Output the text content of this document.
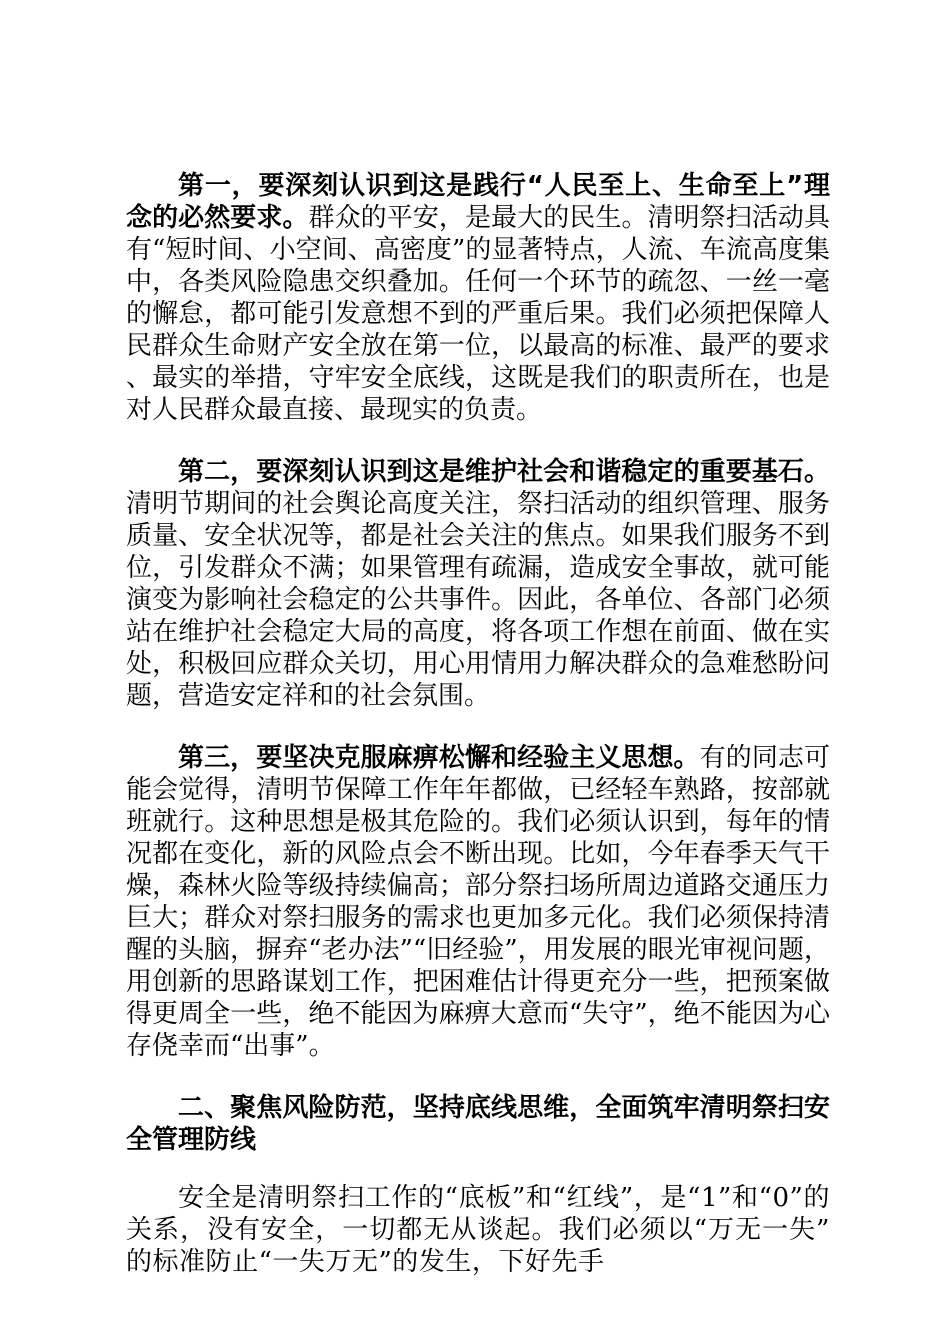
第一，要深刻认识到这是践行“人民至上、生命至上”理念的必然要求。群众的平安，是最大的民生。清明祭扫活动具有“短时间、小空间、高密度”的显著特点，人流、车流高度集中，各类风险隐患交织叠加。任何一个环节的疏忽、一丝一毫的懈怠，都可能引发意想不到的严重后果。我们必须把保障人民群众生命财产安全放在第一位，以最高的标准、最严的要求、最实的举措，守牢安全底线，这既是我们的职责所在，也是对人民群众最直接、最现实的负责。

第二，要深刻认识到这是维护社会和谐稳定的重要基石。清明节期间的社会舆论高度关注，祭扫活动的组织管理、服务质量、安全状况等，都是社会关注的焦点。如果我们服务不到位，引发群众不满；如果管理有疏漏，造成安全事故，就可能演变为影响社会稳定的公共事件。因此，各单位、各部门必须站在维护社会稳定大局的高度，将各项工作想在前面、做在实处，积极回应群众关切，用心用情用力解决群众的急难愁盼问题，营造安定祥和的社会氛围。

第三，要坚决克服麻痹松懈和经验主义思想。有的同志可能会觉得，清明节保障工作年年都做，已经轻车熟路，按部就班就行。这种思想是极其危险的。我们必须认识到，每年的情况都在变化，新的风险点会不断出现。比如，今年春季天气干燥，森林火险等级持续偏高；部分祭扫场所周边道路交通压力巨大；群众对祭扫服务的需求也更加多元化。我们必须保持清醒的头脑，摒弃“老办法”“旧经验”，用发展的眼光审视问题，用创新的思路谋划工作，把困难估计得更充分一些，把预案做得更周全一些，绝不能因为麻痹大意而“失守”，绝不能因为心存侥幸而“出事”。

二、聚焦风险防范，坚持底线思维，全面筑牢清明祭扫安全管理防线

安全是清明祭扫工作的“底板”和“红线”，是“1”和“0”的关系，没有安全，一切都无从谈起。我们必须以“万无一失”的标准防止“一失万无”的发生，下好先手
